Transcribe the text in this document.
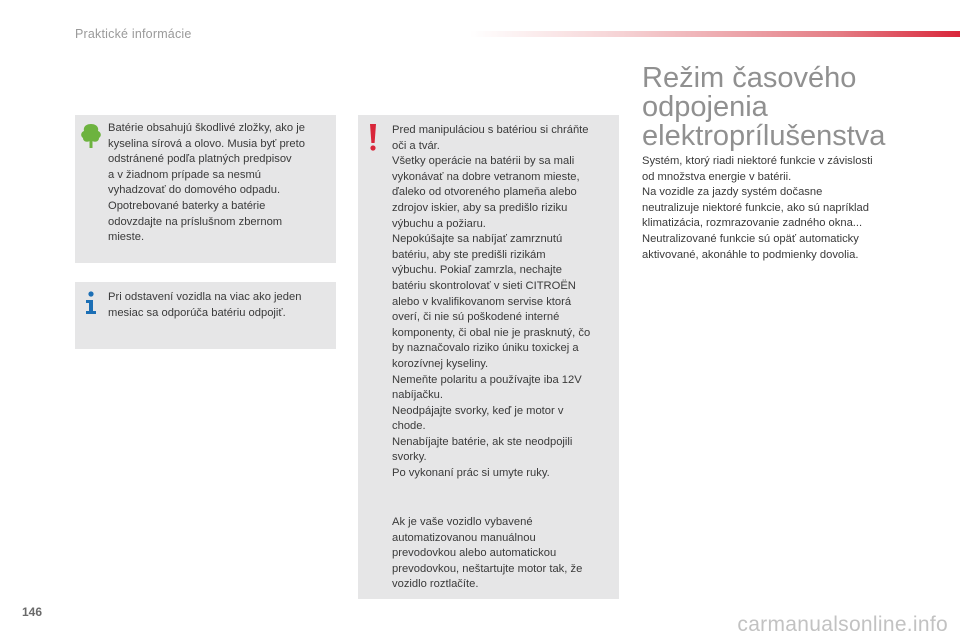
Praktické informácie
Batérie obsahujú škodlivé zložky, ako je
kyselina sírová a olovo. Musia byť preto
odstránené podľa platných predpisov
a v žiadnom prípade sa nesmú
vyhadzovať do domového odpadu.
Opotrebované baterky a batérie
odovzdajte na príslušnom zbernom
mieste.
Pri odstavení vozidla na viac ako jeden
mesiac sa odporúča batériu odpojiť.
Pred manipuláciou s batériou si chráňte
oči a tvár.
Všetky operácie na batérii by sa mali
vykonávať na dobre vetranom mieste,
ďaleko od otvoreného plameňa alebo
zdrojov iskier, aby sa predišlo riziku
výbuchu a požiaru.
Nepokúšajte sa nabíjať zamrznutú
batériu, aby ste predišli rizikám
výbuchu. Pokiaľ zamrzla, nechajte
batériu skontrolovať v sieti CITROËN
alebo v kvalifikovanom servise ktorá
overí, či nie sú poškodené interné
komponenty, či obal nie je prasknutý, čo
by naznačovalo riziko úniku toxickej a
korozívnej kyseliny.
Nemeňte polaritu a používajte iba 12V
nabíjačku.
Neodpájajte svorky, keď je motor v
chode.
Nenabíjajte batérie, ak ste neodpojili
svorky.
Po vykonaní prác si umyte ruky.
Ak je vaše vozidlo vybavené
automatizovanou manuálnou
prevodovkou alebo automatickou
prevodovkou, neštartujte motor tak, že
vozidlo roztlačíte.
Režim časového
odpojenia
elektroprílušenstva
Systém, ktorý riadi niektoré funkcie v závislosti
od množstva energie v batérii.
Na vozidle za jazdy systém dočasne
neutralizuje niektoré funkcie, ako sú napríklad
klimatizácia, rozmrazovanie zadného okna...
Neutralizované funkcie sú opäť automaticky
aktivované, akonáhle to podmienky dovolia.
146
carmanualsonline.info
